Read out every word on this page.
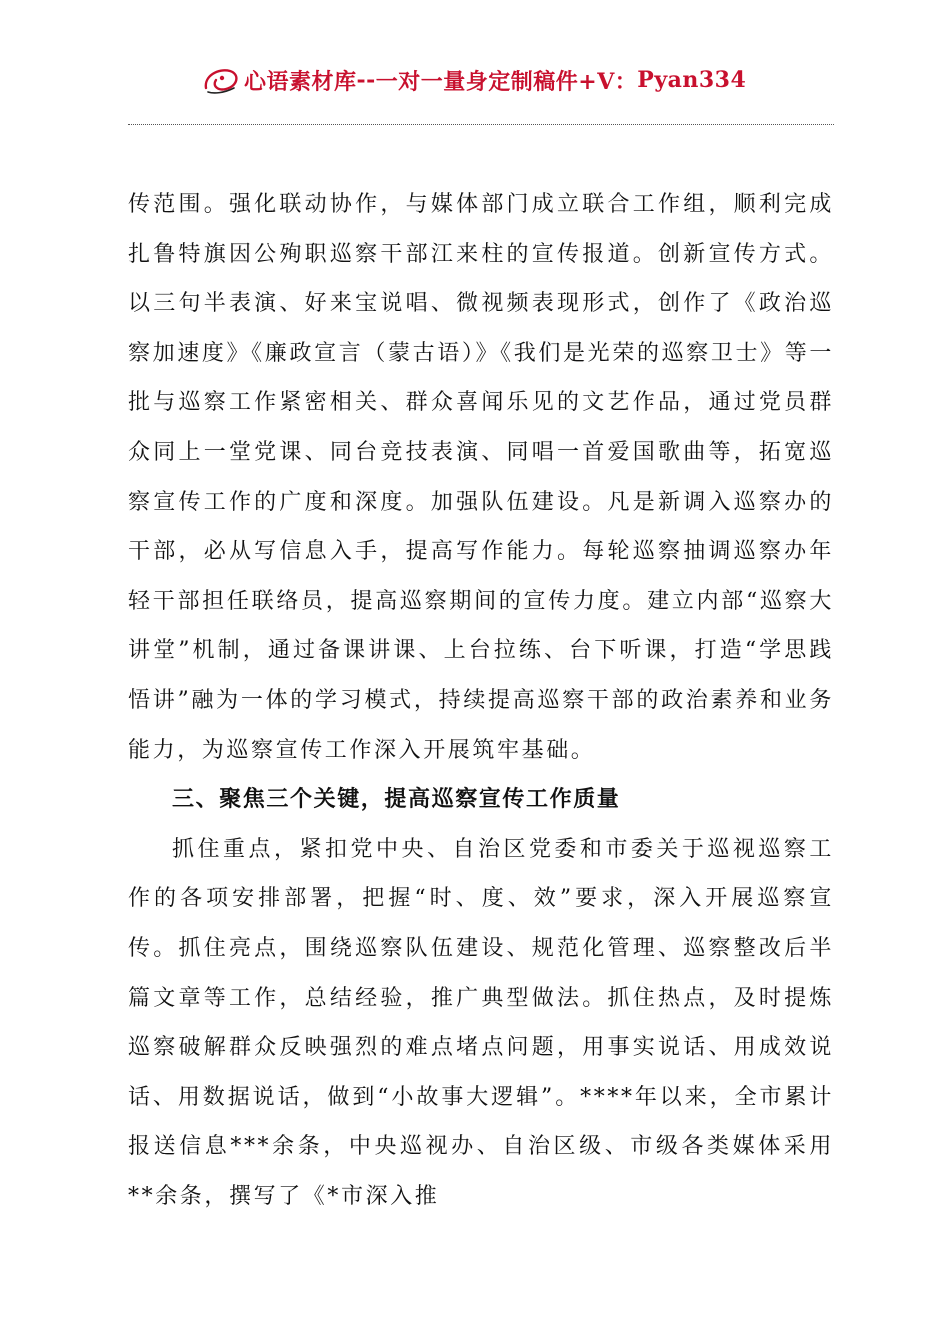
心语素材库 -- 一对一量身定制稿件+V： Pyan334

传范围。强化联动协作，与媒体部门成立联合工作组，顺利完成扎鲁特旗因公殉职巡察干部江来柱的宣传报道。创新宣传方式。以三句半表演、好来宝说唱、微视频表现形式，创作了《政治巡察加速度》《廉政宣言（蒙古语）》《我们是光荣的巡察卫士》等一批与巡察工作紧密相关、群众喜闻乐见的文艺作品，通过党员群众同上一堂党课、同台竞技表演、同唱一首爱国歌曲等，拓宽巡察宣传工作的广度和深度。加强队伍建设。凡是新调入巡察办的干部，必从写信息入手，提高写作能力。每轮巡察抽调巡察办年轻干部担任联络员，提高巡察期间的宣传力度。建立内部“巡察大讲堂”机制，通过备课讲课、上台拉练、台下听课，打造“学思践悟讲”融为一体的学习模式，持续提高巡察干部的政治素养和业务能力，为巡察宣传工作深入开展筑牢基础。

三、聚焦三个关键，提高巡察宣传工作质量

抓住重点，紧扣党中央、自治区党委和市委关于巡视巡察工作的各项安排部署，把握“时、度、效”要求，深入开展巡察宣传。抓住亮点，围绕巡察队伍建设、规范化管理、巡察整改后半篇文章等工作，总结经验，推广典型做法。抓住热点，及时提炼巡察破解群众反映强烈的难点堵点问题，用事实说话、用成效说话、用数据说话，做到“小故事大逻辑”。****年以来，全市累计报送信息***余条，中央巡视办、自治区级、市级各类媒体采用**余条，撰写了《*市深入推
